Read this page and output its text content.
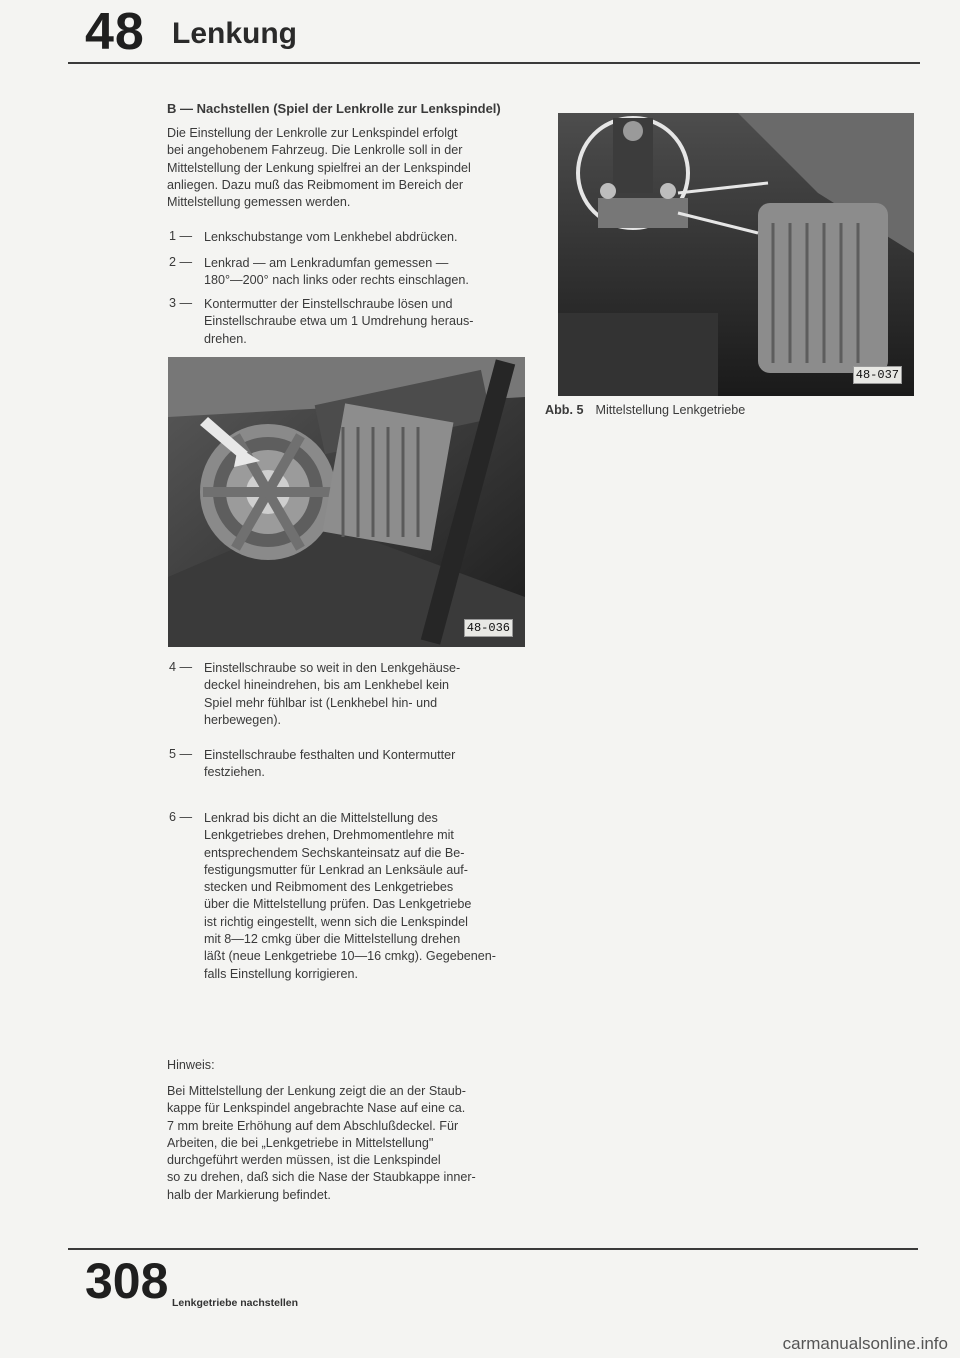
48 Lenkung
B — Nachstellen (Spiel der Lenkrolle zur Lenkspindel)
Die Einstellung der Lenkrolle zur Lenkspindel erfolgt
bei angehobenem Fahrzeug. Die Lenkrolle soll in der
Mittelstellung der Lenkung spielfrei an der Lenkspindel
anliegen. Dazu muß das Reibmoment im Bereich der
Mittelstellung gemessen werden.
1 — Lenkschubstange vom Lenkhebel abdrücken.
2 — Lenkrad — am Lenkradumfan gemessen —
180°—200° nach links oder rechts einschlagen.
3 — Kontermutter der Einstellschraube lösen und
Einstellschraube etwa um 1 Umdrehung heraus-
drehen.
48-036
48-037
Abb. 5 Mittelstellung Lenkgetriebe
4 — Einstellschraube so weit in den Lenkgehäuse-
deckel hineindrehen, bis am Lenkhebel kein
Spiel mehr fühlbar ist (Lenkhebel hin- und
herbewegen).
5 — Einstellschraube festhalten und Kontermutter
festziehen.
6 — Lenkrad bis dicht an die Mittelstellung des
Lenkgetriebes drehen, Drehmomentlehre mit
entsprechendem Sechskanteinsatz auf die Be-
festigungsmutter für Lenkrad an Lenksäule auf-
stecken und Reibmoment des Lenkgetriebes
über die Mittelstellung prüfen. Das Lenkgetriebe
ist richtig eingestellt, wenn sich die Lenkspindel
mit 8—12 cmkg über die Mittelstellung drehen
läßt (neue Lenkgetriebe 10—16 cmkg). Gegebenen-
falls Einstellung korrigieren.
Hinweis:
Bei Mittelstellung der Lenkung zeigt die an der Staub-
kappe für Lenkspindel angebrachte Nase auf eine ca.
7 mm breite Erhöhung auf dem Abschlußdeckel. Für
Arbeiten, die bei „Lenkgetriebe in Mittelstellung"
durchgeführt werden müssen, ist die Lenkspindel
so zu drehen, daß sich die Nase der Staubkappe inner-
halb der Markierung befindet.
308 Lenkgetriebe nachstellen
carmanualsonline.info
